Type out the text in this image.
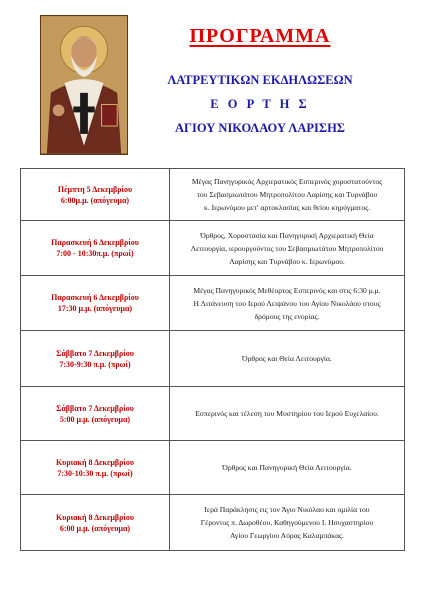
ΠΡΟΓΡΑΜΜΑ
ΛΑΤΡΕΥΤΙΚΩΝ ΕΚΔΗΛΩΣΕΩΝ
Ε Ο Ρ Τ Η Σ
ΑΓΙΟΥ ΝΙΚΟΛΑΟΥ ΛΑΡΙΣΗΣ
Πέμπτη 5 Δεκεμβρίου
6:00μ.μ. (απόγευμα)	Μέγας Πανηγυρικός Αρχιερατικός Εσπερινός χοροστατούντος
του Σεβασμιωτάτου Μητροπολίτου Λαρίσης και Τυρνάβου
κ. Ιερωνύμου μετ' αρτοκλασίας και θείου κηρύγματος.

Παρασκευή 6 Δεκεμβρίου
7:00 - 10:30π.μ. (πρωί)	Όρθρος, Χοροστασία και Πανηγυρική Αρχιερατική Θεία
Λειτουργία, ιερουργούντος του Σεβασμιωτάτου Μητροπολίτου
Λαρίσης και Τυρνάβου κ. Ιερωνύμου.

Παρασκευή 6 Δεκεμβρίου
17:30 μ.μ. (απόγευμα)	Μέγας Πανηγυρικός Μεθέορτος Εσπερινός και στις 6:30 μ.μ.
Η Λιτάνευση του Ιερού Λειψάνου του Αγίου Νικολάου στους
δρόμους της ενορίας.

Σάββατο 7 Δεκεμβρίου
7:30-9:30 π.μ. (πρωί)	Όρθρος και Θεία Λειτουργία.

Σάββατο 7 Δεκεμβρίου
5:00 μ.μ. (απόγευμα)	Εσπερινός και τέλεση του Μυστηρίου του Ιερού Ευχελαίου.

Κυριακή 8 Δεκεμβρίου
7:30-10:30 π.μ. (πρωί)	Όρθρος και Πανηγυρική Θεία Λειτουργία.

Κυριακή 8 Δεκεμβρίου
6:00 μ.μ. (απόγευμα)	Ιερά Παράκλησις εις τον Άγιο Νικόλαο και ομιλία του
Γέροντος π. Δωροθέου, Καθηγούμενου Ι. Ησυχαστηρίου
Αγίου Γεωργίου Αύρας Καλαμπάκας.
